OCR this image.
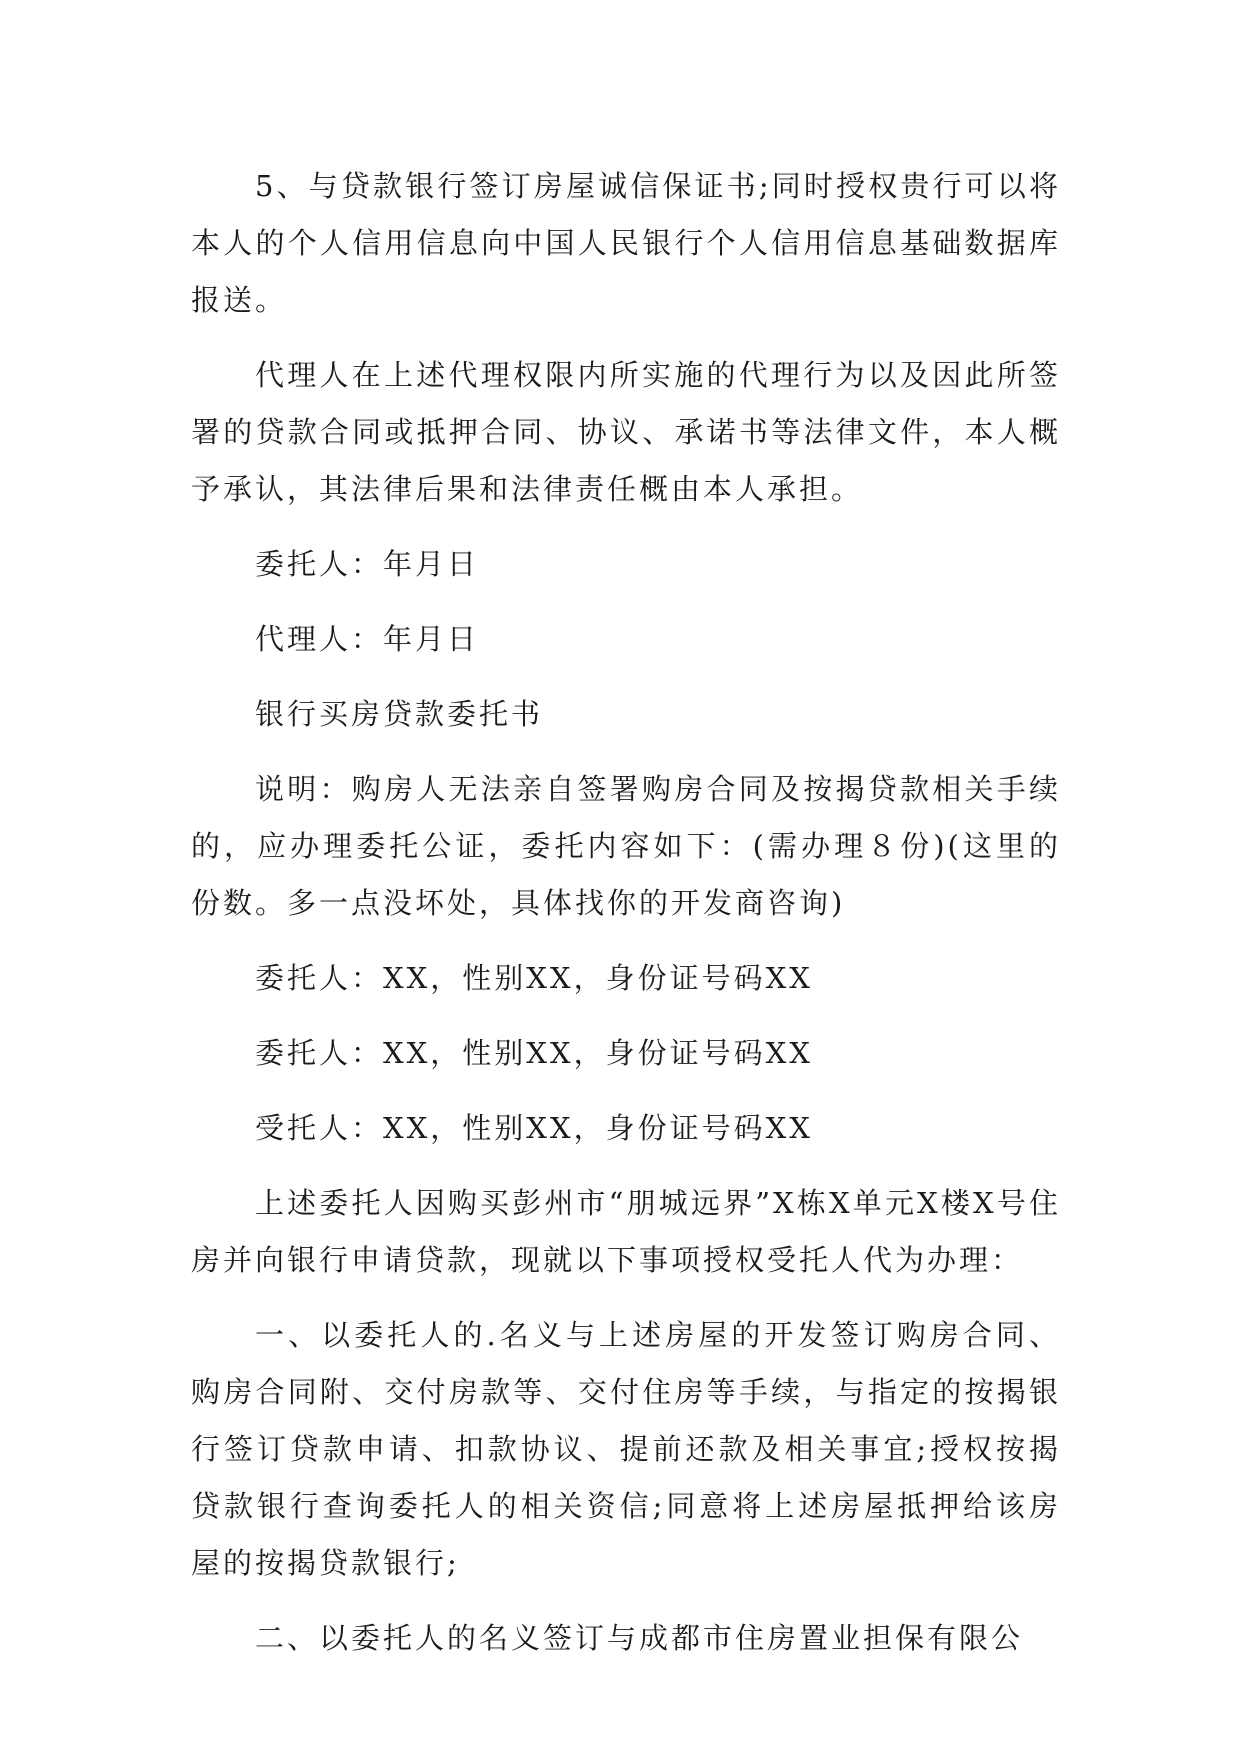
5、与贷款银行签订房屋诚信保证书;同时授权贵行可以将本人的个人信用信息向中国人民银行个人信用信息基础数据库报送。

代理人在上述代理权限内所实施的代理行为以及因此所签署的贷款合同或抵押合同、协议、承诺书等法律文件，本人概予承认，其法律后果和法律责任概由本人承担。

委托人：年月日

代理人：年月日

银行买房贷款委托书

说明：购房人无法亲自签署购房合同及按揭贷款相关手续的，应办理委托公证，委托内容如下：(需办理８份)(这里的份数。多一点没坏处，具体找你的开发商咨询)

委托人：XX，性别XX，身份证号码XX

委托人：XX，性别XX，身份证号码XX

受托人：XX，性别XX，身份证号码XX

上述委托人因购买彭州市“朋城远界”X栋X单元X楼X号住房并向银行申请贷款，现就以下事项授权受托人代为办理：

一、以委托人的.名义与上述房屋的开发签订购房合同、购房合同附、交付房款等、交付住房等手续，与指定的按揭银行签订贷款申请、扣款协议、提前还款及相关事宜;授权按揭贷款银行查询委托人的相关资信;同意将上述房屋抵押给该房屋的按揭贷款银行;

二、以委托人的名义签订与成都市住房置业担保有限公
